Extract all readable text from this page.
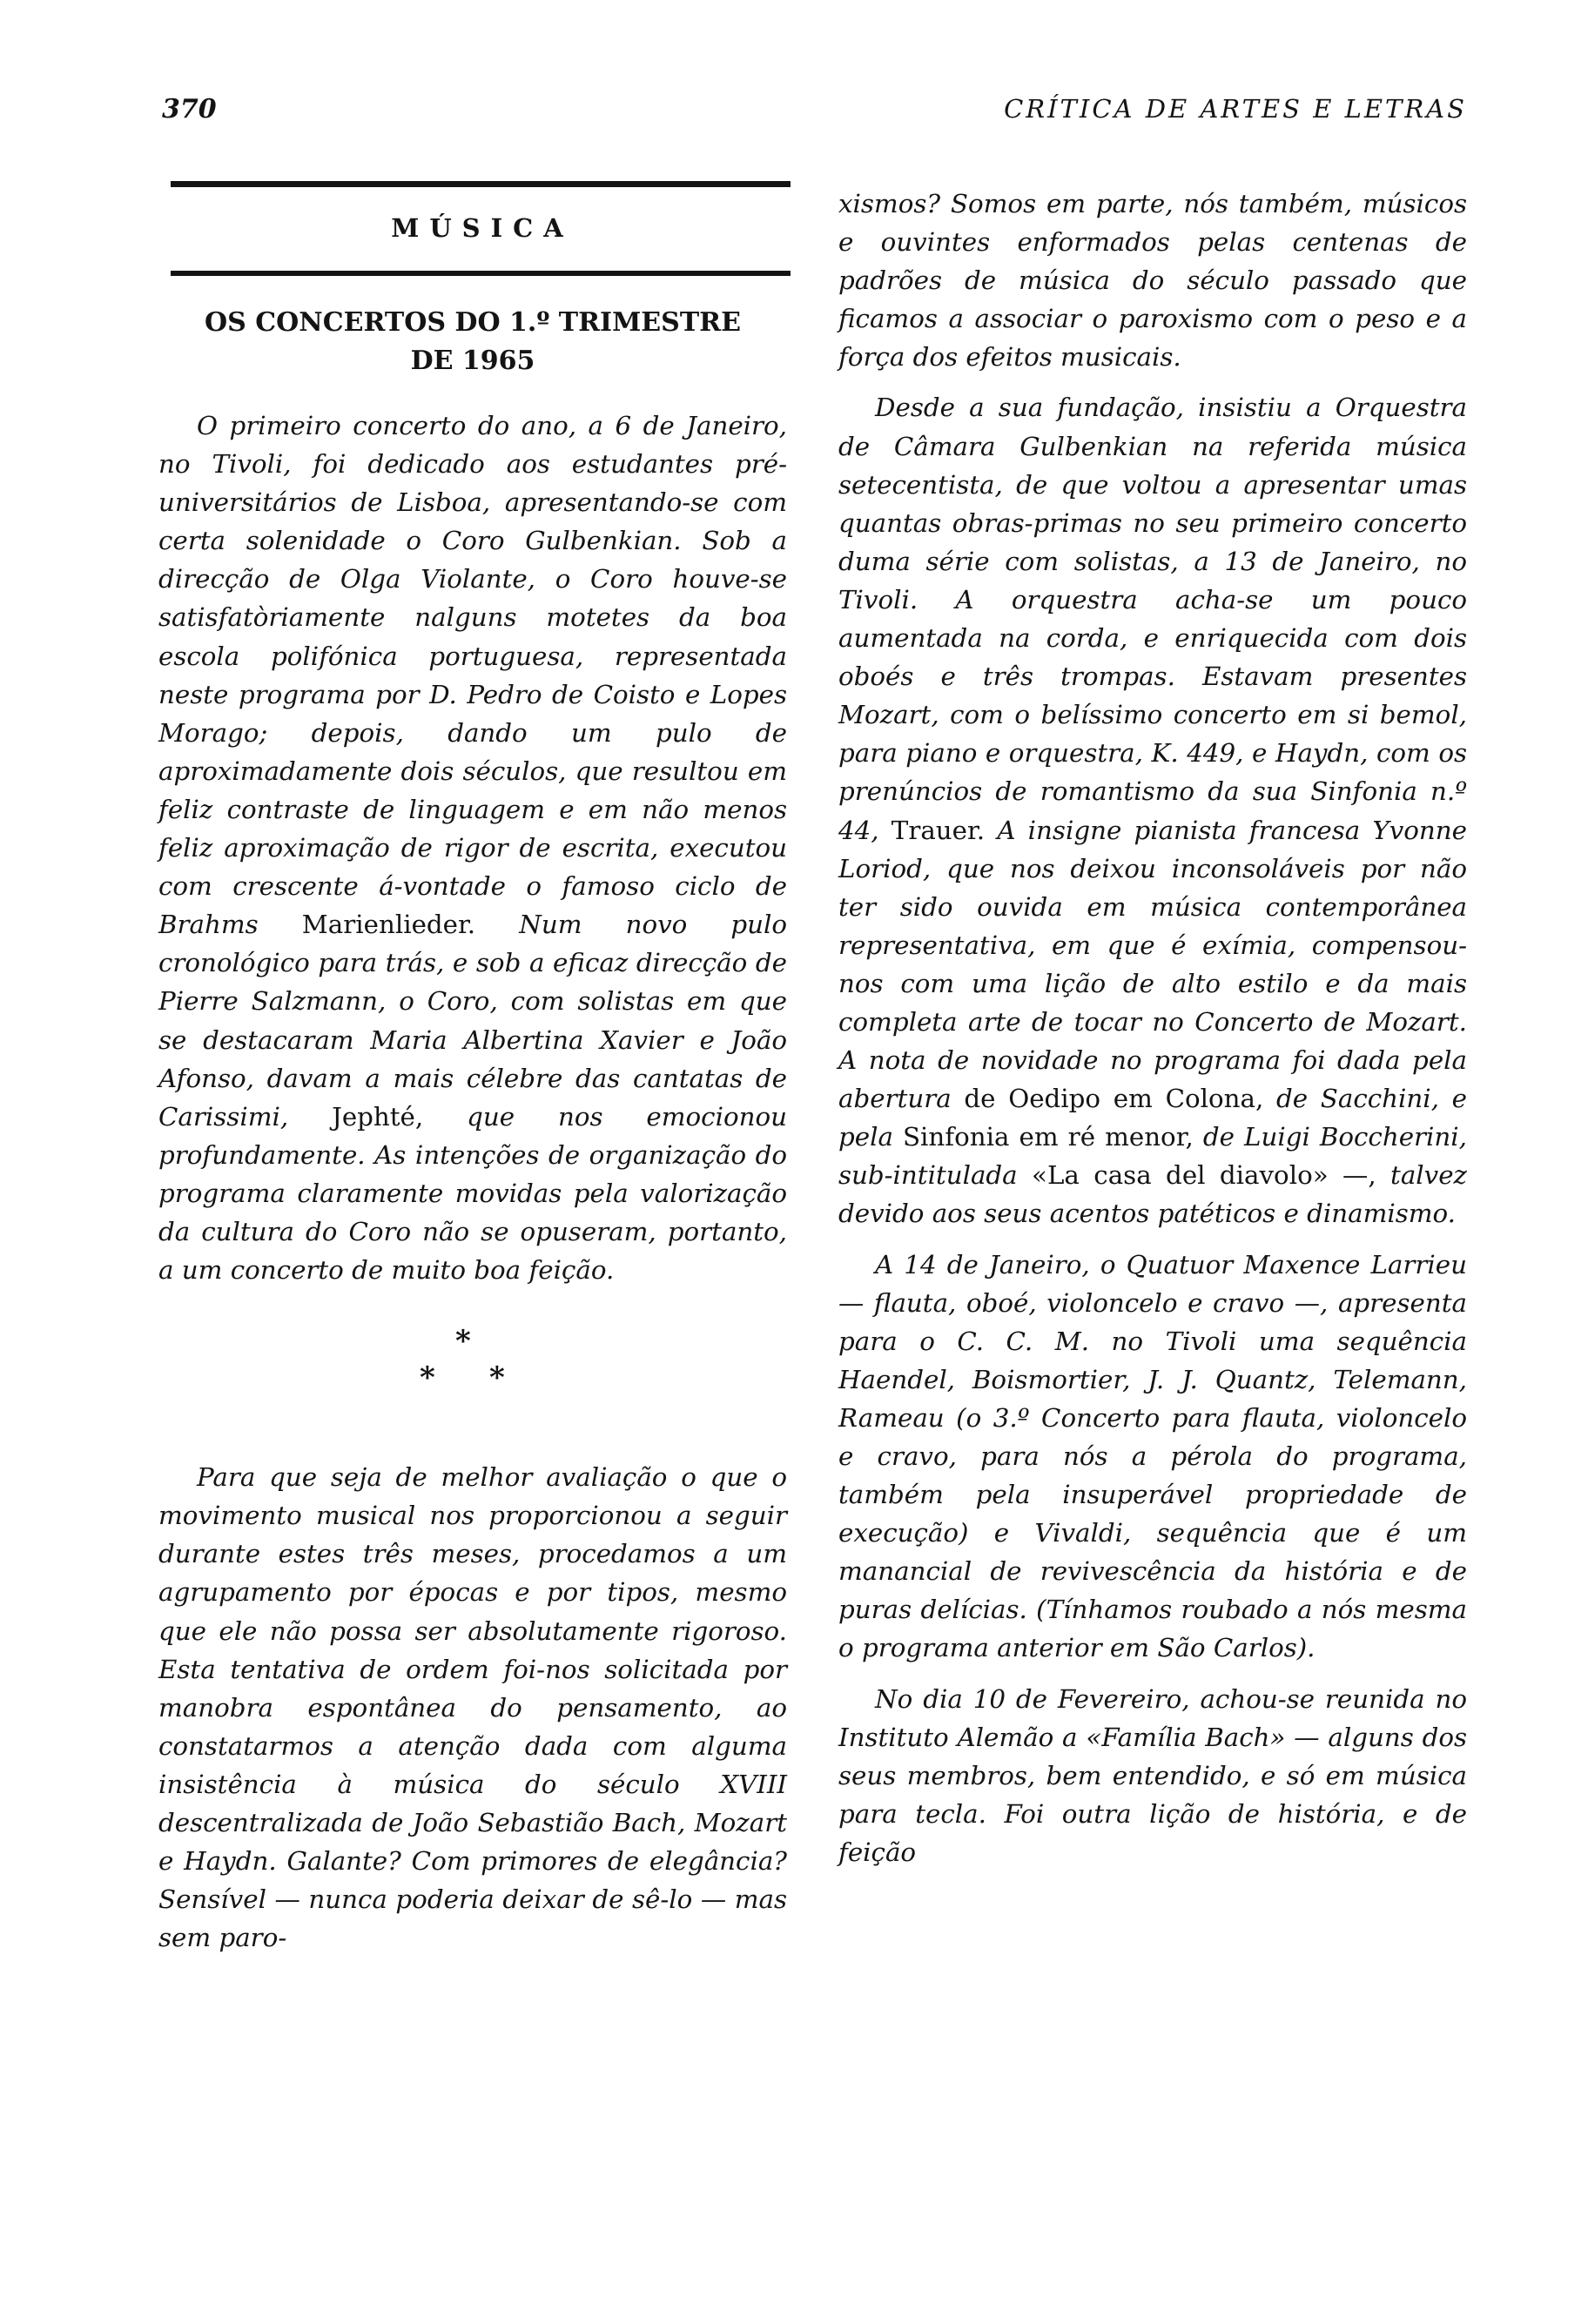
370	CRÍTICA DE ARTES E LETRAS
MÚSICA
OS CONCERTOS DO 1.º TRIMESTRE
DE 1965

O primeiro concerto do ano, a 6 de Janeiro, no Tivoli, foi dedicado aos estudantes pré-universitários de Lisboa, apresentando-se com certa solenidade o Coro Gulbenkian. Sob a direcção de Olga Violante, o Coro houve-se satisfatòriamente nalguns motetes da boa escola polifónica portuguesa, representada neste programa por D. Pedro de Coisto e Lopes Morago; depois, dando um pulo de aproximadamente dois séculos, que resultou em feliz contraste de linguagem e em não menos feliz aproximação de rigor de escrita, executou com crescente á-vontade o famoso ciclo de Brahms Marienlieder. Num novo pulo cronológico para trás, e sob a eficaz direcção de Pierre Salzmann, o Coro, com solistas em que se destacaram Maria Albertina Xavier e João Afonso, davam a mais célebre das cantatas de Carissimi, Jephté, que nos emocionou profundamente. As intenções de organização do programa claramente movidas pela valorização da cultura do Coro não se opuseram, portanto, a um concerto de muito boa feição.

*
* *

Para que seja de melhor avaliação o que o movimento musical nos proporcionou a seguir durante estes três meses, procedamos a um agrupamento por épocas e por tipos, mesmo que ele não possa ser absolutamente rigoroso. Esta tentativa de ordem foi-nos solicitada por manobra espontânea do pensamento, ao constatarmos a atenção dada com alguma insistência à música do século XVIII descentralizada de João Sebastião Bach, Mozart e Haydn. Galante? Com primores de elegância? Sensível — nunca poderia deixar de sê-lo — mas sem paro-

xismos? Somos em parte, nós também, músicos e ouvintes enformados pelas centenas de padrões de música do século passado que ficamos a associar o paroxismo com o peso e a força dos efeitos musicais.

Desde a sua fundação, insistiu a Orquestra de Câmara Gulbenkian na referida música setecentista, de que voltou a apresentar umas quantas obras-primas no seu primeiro concerto duma série com solistas, a 13 de Janeiro, no Tivoli. A orquestra acha-se um pouco aumentada na corda, e enriquecida com dois oboés e três trompas. Estavam presentes Mozart, com o belíssimo concerto em si bemol, para piano e orquestra, K. 449, e Haydn, com os prenúncios de romantismo da sua Sinfonia n.º 44, Trauer. A insigne pianista francesa Yvonne Loriod, que nos deixou inconsoláveis por não ter sido ouvida em música contemporânea representativa, em que é exímia, compensou-nos com uma lição de alto estilo e da mais completa arte de tocar no Concerto de Mozart. A nota de novidade no programa foi dada pela abertura de Oedipo em Colona, de Sacchini, e pela Sinfonia em ré menor, de Luigi Boccherini, sub-intitulada «La casa del diavolo» —, talvez devido aos seus acentos patéticos e dinamismo.

A 14 de Janeiro, o Quatuor Maxence Larrieu — flauta, oboé, violoncelo e cravo —, apresenta para o C. C. M. no Tivoli uma sequência Haendel, Boismortier, J. J. Quantz, Telemann, Rameau (o 3.º Concerto para flauta, violoncelo e cravo, para nós a pérola do programa, também pela insuperável propriedade de execução) e Vivaldi, sequência que é um manancial de revivescência da história e de puras delícias. (Tínhamos roubado a nós mesma o programa anterior em São Carlos).

No dia 10 de Fevereiro, achou-se reunida no Instituto Alemão a «Família Bach» — alguns dos seus membros, bem entendido, e só em música para tecla. Foi outra lição de história, e de feição
